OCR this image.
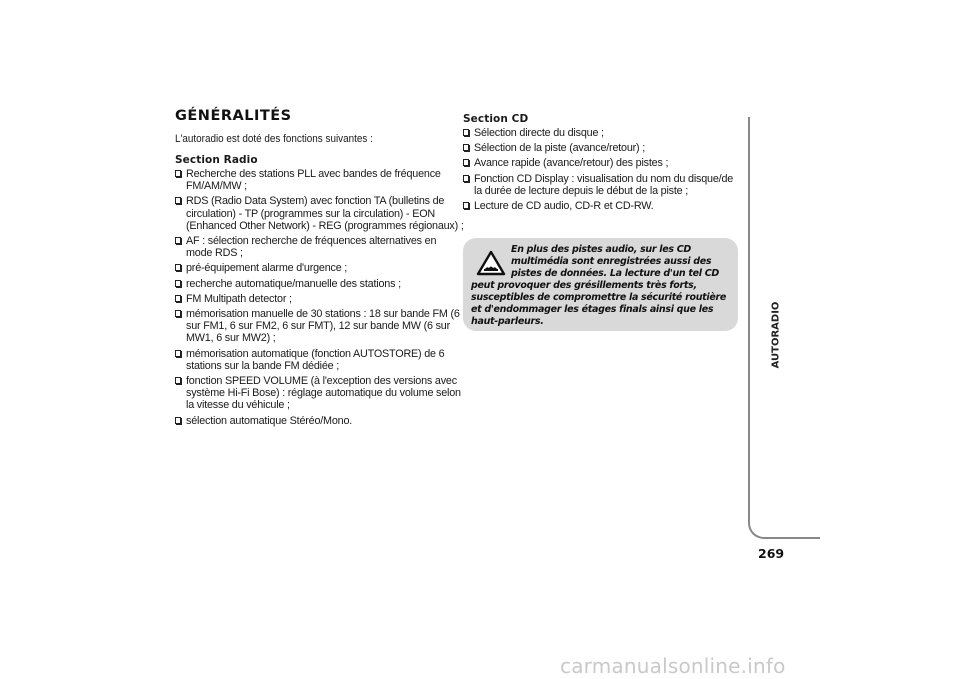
GÉNÉRALITÉS

L'autoradio est doté des fonctions suivantes :

Section Radio
Recherche des stations PLL avec bandes de fréquence FM/AM/MW ;
RDS (Radio Data System) avec fonction TA (bulletins de circulation) - TP (programmes sur la circulation) - EON (Enhanced Other Network) - REG (programmes régionaux) ;
AF : sélection recherche de fréquences alternatives en mode RDS ;
pré-équipement alarme d'urgence ;
recherche automatique/manuelle des stations ;
FM Multipath detector ;
mémorisation manuelle de 30 stations : 18 sur bande FM (6 sur FM1, 6 sur FM2, 6 sur FMT), 12 sur bande MW (6 sur MW1, 6 sur MW2) ;
mémorisation automatique (fonction AUTOSTORE) de 6 stations sur la bande FM dédiée ;
fonction SPEED VOLUME (à l'exception des versions avec système Hi-Fi Bose) : réglage automatique du volume selon la vitesse du véhicule ;
sélection automatique Stéréo/Mono.
Section CD
Sélection directe du disque ;
Sélection de la piste (avance/retour) ;
Avance rapide (avance/retour) des pistes ;
Fonction CD Display : visualisation du nom du disque/de la durée de lecture depuis le début de la piste ;
Lecture de CD audio, CD-R et CD-RW.
En plus des pistes audio, sur les CD multimédia sont enregistrées aussi des pistes de données. La lecture d'un tel CD peut provoquer des grésillements très forts, susceptibles de compromettre la sécurité routière et d'endommager les étages finals ainsi que les haut-parleurs.	AUTORADIO
269
carmanualsonline.info
